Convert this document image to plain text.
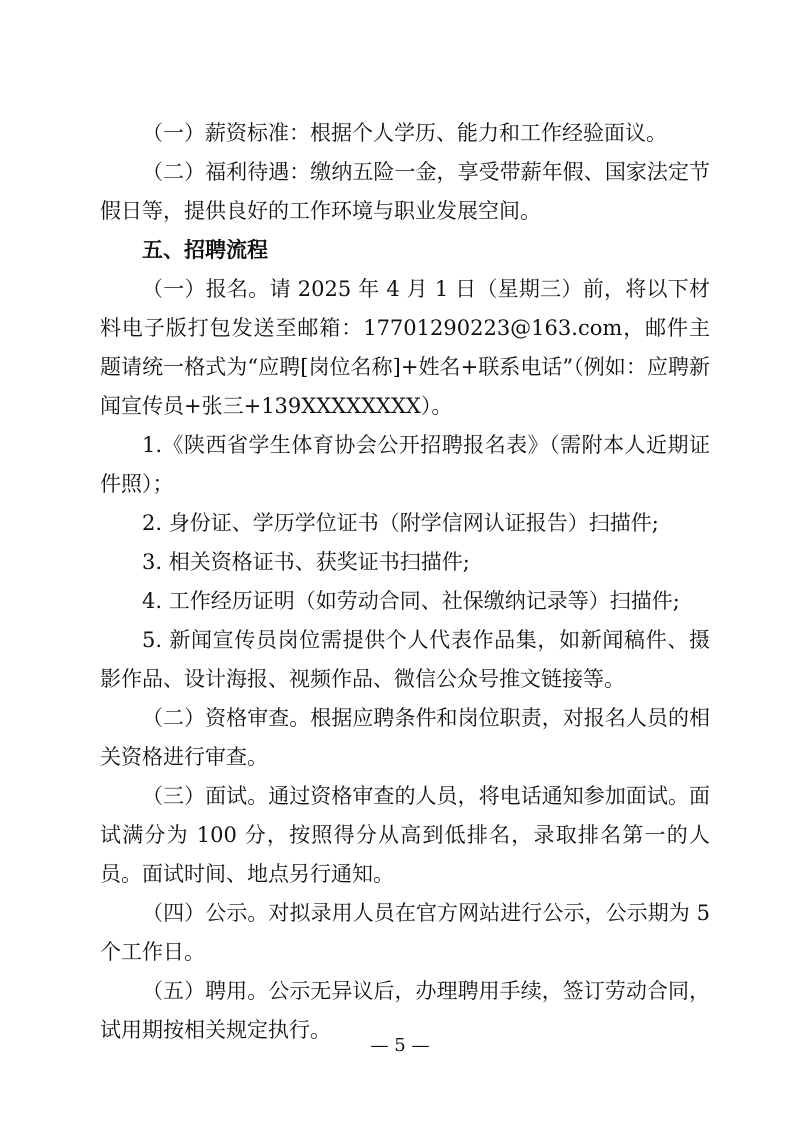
（一）薪资标准：根据个人学历、能力和工作经验面议。

（二）福利待遇：缴纳五险一金，享受带薪年假、国家法定节假日等，提供良好的工作环境与职业发展空间。

五、招聘流程

（一）报名。请 2025 年 4 月 1 日（星期三）前，将以下材料电子版打包发送至邮箱：17701290223@163.com，邮件主题请统一格式为“应聘[岗位名称]+姓名+联系电话”（例如：应聘新闻宣传员+张三+139XXXXXXXX）。

1.《陕西省学生体育协会公开招聘报名表》（需附本人近期证件照）；

2. 身份证、学历学位证书（附学信网认证报告）扫描件;

3. 相关资格证书、获奖证书扫描件;

4. 工作经历证明（如劳动合同、社保缴纳记录等）扫描件;

5. 新闻宣传员岗位需提供个人代表作品集，如新闻稿件、摄影作品、设计海报、视频作品、微信公众号推文链接等。

（二）资格审查。根据应聘条件和岗位职责，对报名人员的相关资格进行审查。

（三）面试。通过资格审查的人员，将电话通知参加面试。面试满分为 100 分，按照得分从高到低排名，录取排名第一的人员。面试时间、地点另行通知。

（四）公示。对拟录用人员在官方网站进行公示，公示期为 5 个工作日。

（五）聘用。公示无异议后，办理聘用手续，签订劳动合同，试用期按相关规定执行。

— 5 —
